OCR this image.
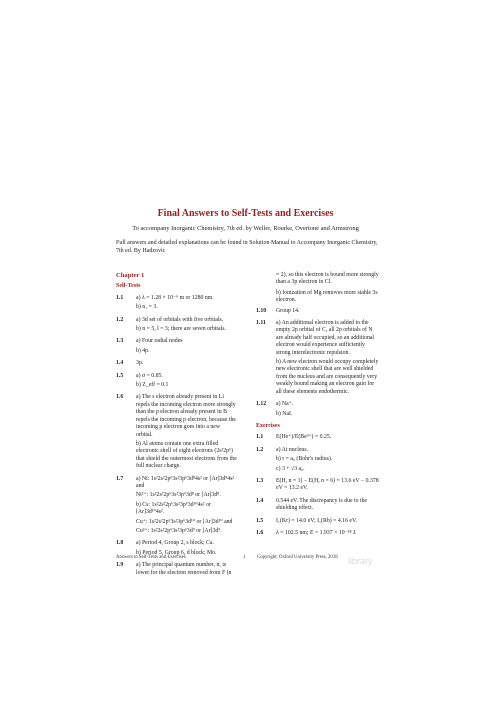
Final Answers to Self-Tests and Exercises
To accompany Inorganic Chemistry, 7th ed. by Weller, Rourke, Overtone and Armstrong
Full answers and detailed explanations can be found in Solution Manual to Accompany Inorganic Chemistry, 7th ed. By Hadzovic
Chapter 1
Self-Tests
1.1	a) λ = 1.28 × 10⁻⁶ m or 1280 nm.

b) n₁ = 3.

1.2	a) 3d set of orbitals with five orbitals.

b) n = 5, l = 3; there are seven orbitals.

1.3	a) Four radial nodes

b) 4p.

1.4	3p.

1.5	a) σ = 0.85.

b) Z_eff = 0.1

1.6	a) The s electron already present in Li repels the incoming electron more strongly than the p electron already present in B repels the incoming p electron, because the incoming p electron goes into a new orbital.

b) Al atoms contain one extra filled electronic shell of eight electrons (2s²2p⁶) that shield the outermost electrons from the full nuclear charge.

1.7	a) Ni: 1s²2s²2p⁶3s²3p⁶3d⁸4s² or [Ar]3d⁸4s² and

Ni²⁺: 1s²2s²2p⁶3s²3p⁶3d⁸ or [Ar]3d⁸.

b) Cs: 1s²2s²2p⁶3s²3p⁶3d¹⁰4s² or [Ar]3d¹⁰4s².

Cu⁺: 1s²2s²2p⁶3s²3p⁶3d¹⁰ or [Ar]3d¹⁰ and

Cu²⁺: 1s²2s²2p⁶3s²3p⁶3d⁹ or [Ar]3d⁹.

1.8	a) Period 4, Group 2, s block; Ca.

b) Period 5, Group 6, d block; Mo.

1.9	a) The principal quantum number, n, is lower for the electron removed from F (n

= 2), so this electron is bound more strongly than a 3p electron in Cl.
b) Ionization of Mg removes more stable 3s electron.
1.10	Group 14.

1.11	a) An additional electron is added to the empty 2p orbital of C, all 2p orbitals of N are already half occupied, so an additional electron would experience sufficiently strong interelectronic repulsion.

b) A new electron would occupy completely new electronic shell that are well shielded from the nucleus and are consequently very weakly bound making an electron gain for all these elements endothermic.

1.12	a) Na⁺.

b) NaI.

Exercises
1.1	E(He⁺)/E(Be³⁺) = 0.25.

1.2	a) At nucleus.

b) r = a₀ (Bohr's radius).

c) 3 + √3 a₀.

1.3	E(H, n = 1) − E(H, n = 6) = 13.6 eV − 0.378 eV = 13.2 eV.

1.4	0.544 eV. The discrepancy is due to the shielding effect.

1.5	I₁(Kr) = 14.0 eV; I₁(Rb) = 4.16 eV.

1.6	λ = 102.5 nm; E = 1.937 × 10⁻¹⁸ J.

Answers to Self-Tests and Exercises	1 Copyright: Oxford University Press, 2018 library
